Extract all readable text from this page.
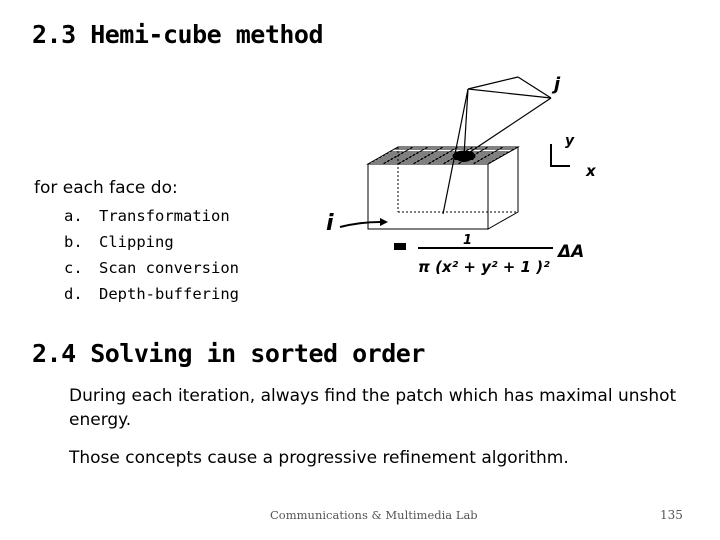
2.3 Hemi-cube method
for each face do:
a. Transformation
b. Clipping
c. Scan conversion
d. Depth-buffering
j
i
y
x
1
π (x² + y² + 1 )²
ΔA
2.4 Solving in sorted order
During each iteration, always find the patch which has maximal unshot energy.
Those concepts cause a progressive refinement algorithm.
Communications & Multimedia Lab	135
